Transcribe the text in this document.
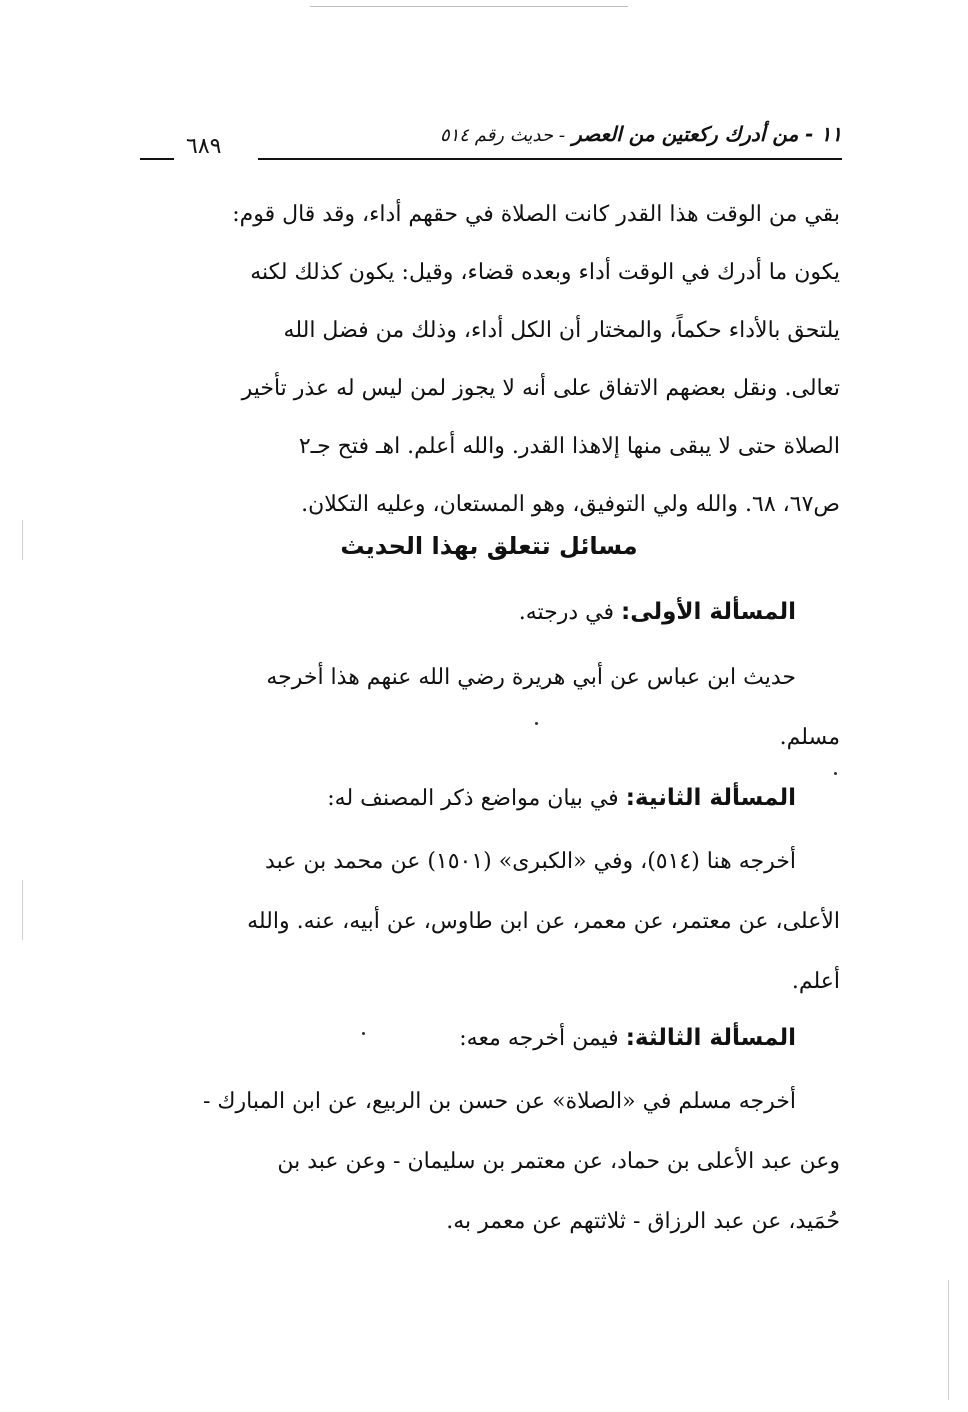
١١ - من أدرك ركعتين من العصر - حديث رقم ٥١٤
٦٨٩
بقي من الوقت هذا القدر كانت الصلاة في حقهم أداء، وقد قال قوم:
يكون ما أدرك في الوقت أداء وبعده قضاء، وقيل: يكون كذلك لكنه
يلتحق بالأداء حكماً، والمختار أن الكل أداء، وذلك من فضل الله
تعالى. ونقل بعضهم الاتفاق على أنه لا يجوز لمن ليس له عذر تأخير
الصلاة حتى لا يبقى منها إلاهذا القدر. والله أعلم. اهـ فتح جـ٢
ص٦٧، ٦٨. والله ولي التوفيق، وهو المستعان، وعليه التكلان.
مسائل تتعلق بهذا الحديث
المسألة الأولى: في درجته.
حديث ابن عباس عن أبي هريرة رضي الله عنهم هذا أخرجه
مسلم.
المسألة الثانية: في بيان مواضع ذكر المصنف له:
أخرجه هنا (٥١٤)، وفي «الكبرى» (١٥٠١) عن محمد بن عبد
الأعلى، عن معتمر، عن معمر، عن ابن طاوس، عن أبيه، عنه. والله
أعلم.
المسألة الثالثة: فيمن أخرجه معه:
أخرجه مسلم في «الصلاة» عن حسن بن الربيع، عن ابن المبارك -
وعن عبد الأعلى بن حماد، عن معتمر بن سليمان - وعن عبد بن
حُمَيد، عن عبد الرزاق - ثلاثتهم عن معمر به.
